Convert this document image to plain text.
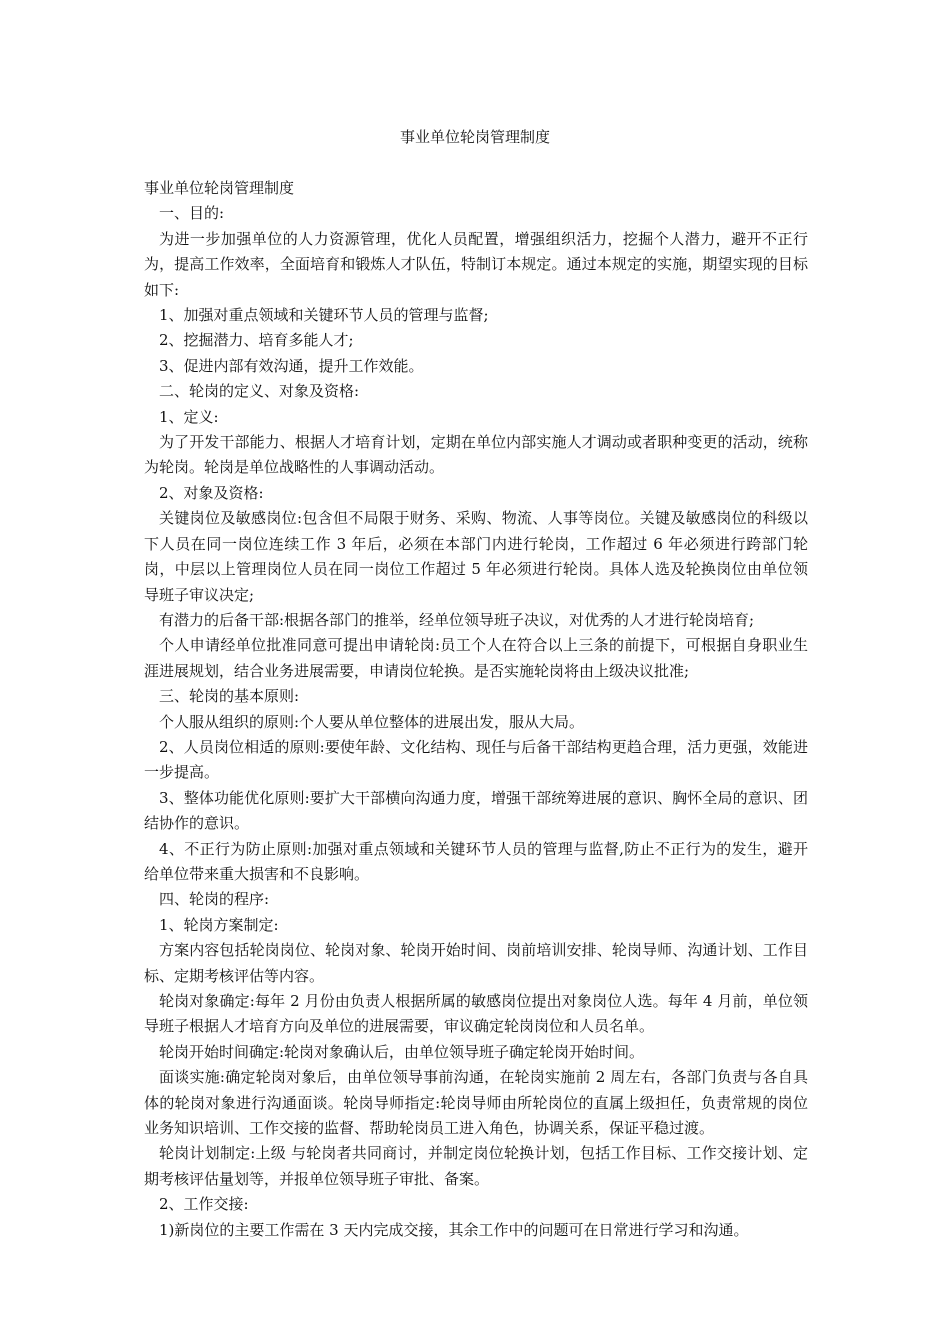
事业单位轮岗管理制度

事业单位轮岗管理制度

一、目的:

为进一步加强单位的人力资源管理，优化人员配置，增强组织活力，挖掘个人潜力，避开不正行为，提高工作效率，全面培育和锻炼人才队伍，特制订本规定。通过本规定的实施，期望实现的目标如下:

1、加强对重点领域和关键环节人员的管理与监督;

2、挖掘潜力、培育多能人才;

3、促进内部有效沟通，提升工作效能。

二、轮岗的定义、对象及资格:

1、定义:

为了开发干部能力、根据人才培育计划，定期在单位内部实施人才调动或者职种变更的活动，统称为轮岗。轮岗是单位战略性的人事调动活动。

2、对象及资格:

关键岗位及敏感岗位:包含但不局限于财务、采购、物流、人事等岗位。关键及敏感岗位的科级以下人员在同一岗位连续工作 3 年后，必须在本部门内进行轮岗，工作超过 6 年必须进行跨部门轮岗，中层以上管理岗位人员在同一岗位工作超过 5 年必须进行轮岗。具体人选及轮换岗位由单位领导班子审议决定;

有潜力的后备干部:根据各部门的推举，经单位领导班子决议，对优秀的人才进行轮岗培育;

个人申请经单位批准同意可提出申请轮岗:员工个人在符合以上三条的前提下，可根据自身职业生涯进展规划，结合业务进展需要，申请岗位轮换。是否实施轮岗将由上级决议批准;

三、轮岗的基本原则:

个人服从组织的原则:个人要从单位整体的进展出发，服从大局。

2、人员岗位相适的原则:要使年龄、文化结构、现任与后备干部结构更趋合理，活力更强，效能进一步提高。

3、整体功能优化原则:要扩大干部横向沟通力度，增强干部统筹进展的意识、胸怀全局的意识、团结协作的意识。

4、不正行为防止原则:加强对重点领域和关键环节人员的管理与监督,防止不正行为的发生，避开给单位带来重大损害和不良影响。

四、轮岗的程序:

1、轮岗方案制定:

方案内容包括轮岗岗位、轮岗对象、轮岗开始时间、岗前培训安排、轮岗导师、沟通计划、工作目标、定期考核评估等内容。

轮岗对象确定:每年 2 月份由负责人根据所属的敏感岗位提出对象岗位人选。每年 4 月前，单位领导班子根据人才培育方向及单位的进展需要，审议确定轮岗岗位和人员名单。

轮岗开始时间确定:轮岗对象确认后，由单位领导班子确定轮岗开始时间。

面谈实施:确定轮岗对象后，由单位领导事前沟通，在轮岗实施前 2 周左右，各部门负责与各自具体的轮岗对象进行沟通面谈。轮岗导师指定:轮岗导师由所轮岗位的直属上级担任，负责常规的岗位业务知识培训、工作交接的监督、帮助轮岗员工进入角色，协调关系，保证平稳过渡。

轮岗计划制定:上级 与轮岗者共同商讨，并制定岗位轮换计划，包括工作目标、工作交接计划、定期考核评估量划等，并报单位领导班子审批、备案。

2、工作交接:

1)新岗位的主要工作需在 3 天内完成交接，其余工作中的问题可在日常进行学习和沟通。
